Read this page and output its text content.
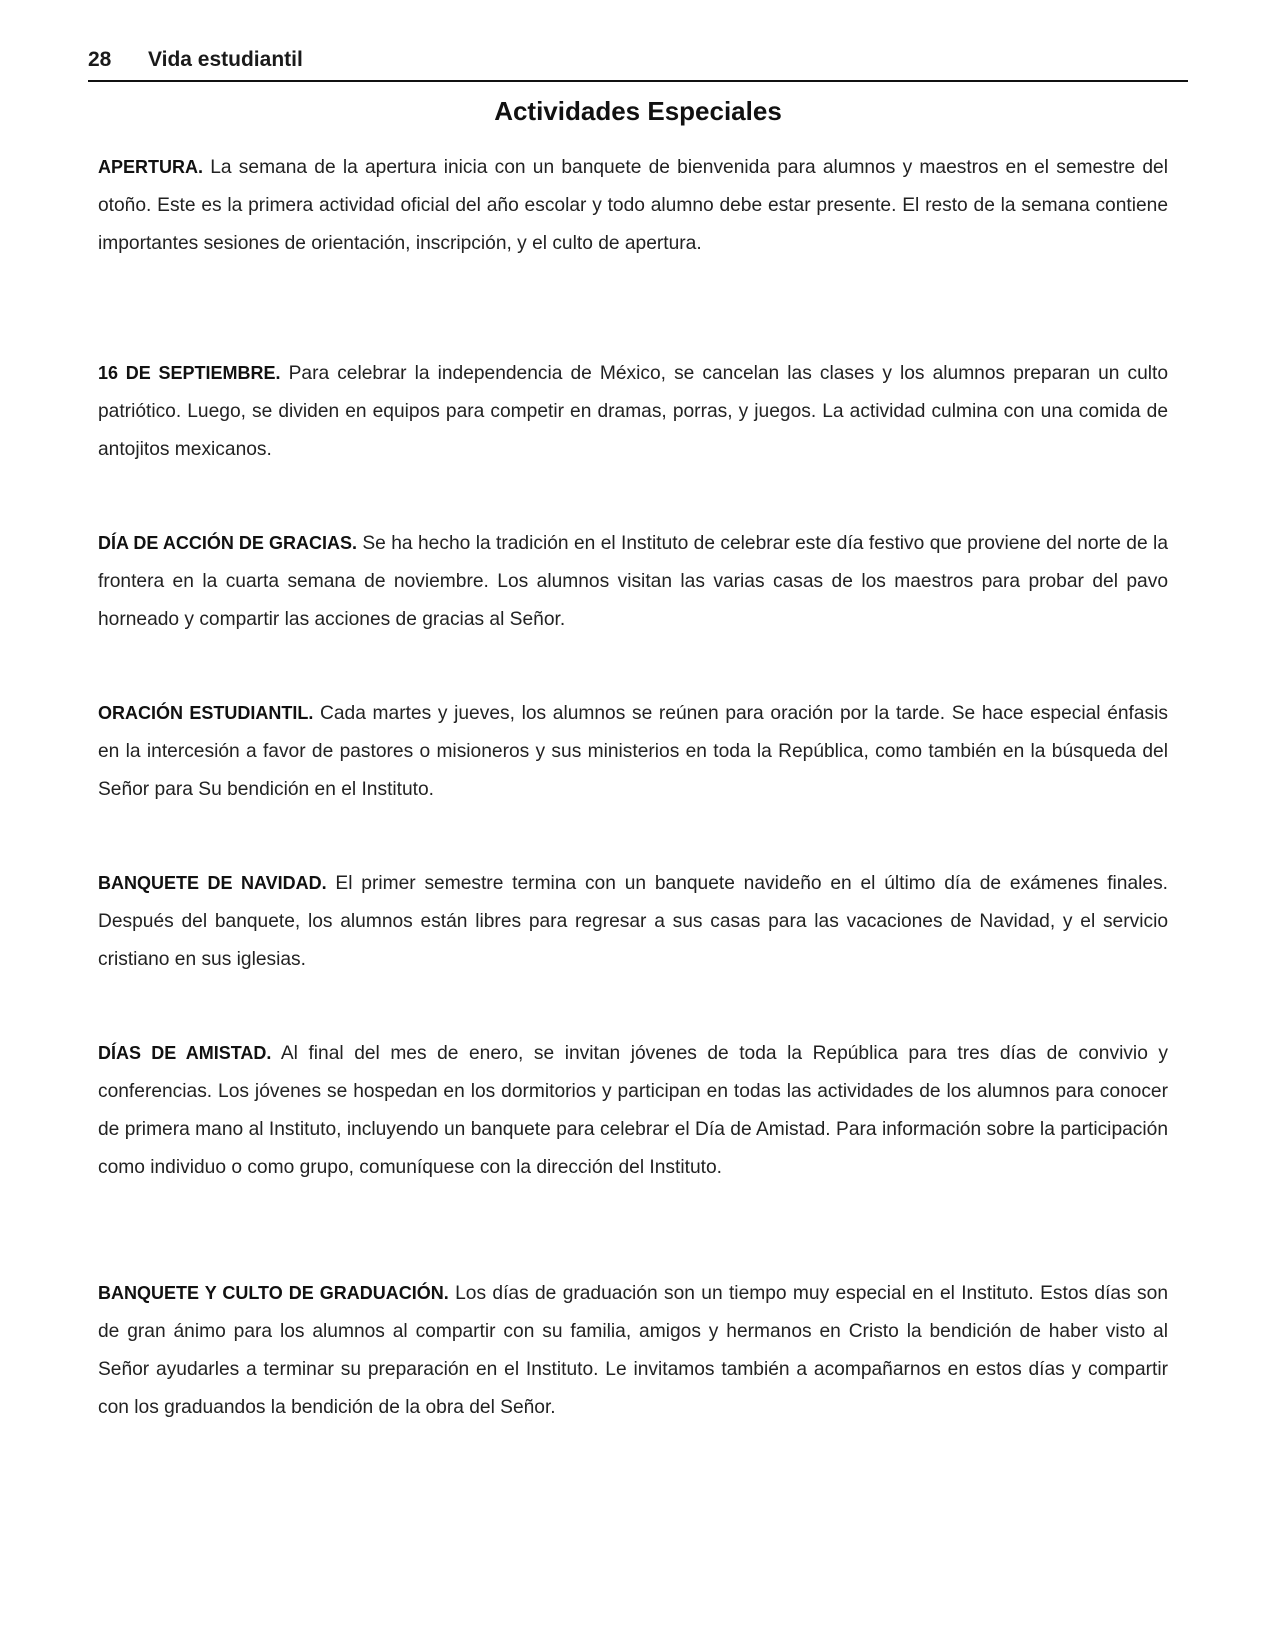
28 Vida estudiantil
Actividades Especiales

APERTURA. La semana de la apertura inicia con un banquete de bienvenida para alumnos y maestros en el semestre del otoño. Este es la primera actividad oficial del año escolar y todo alumno debe estar presente. El resto de la semana contiene importantes sesiones de orientación, inscripción, y el culto de apertura.

16 DE SEPTIEMBRE. Para celebrar la independencia de México, se cancelan las clases y los alumnos preparan un culto patriótico. Luego, se dividen en equipos para competir en dramas, porras, y juegos. La actividad culmina con una comida de antojitos mexicanos.

DÍA DE ACCIÓN DE GRACIAS. Se ha hecho la tradición en el Instituto de celebrar este día festivo que proviene del norte de la frontera en la cuarta semana de noviembre. Los alumnos visitan las varias casas de los maestros para probar del pavo horneado y compartir las acciones de gracias al Señor.

ORACIÓN ESTUDIANTIL. Cada martes y jueves, los alumnos se reúnen para oración por la tarde. Se hace especial énfasis en la intercesión a favor de pastores o misioneros y sus ministerios en toda la República, como también en la búsqueda del Señor para Su bendición en el Instituto.

BANQUETE DE NAVIDAD. El primer semestre termina con un banquete navideño en el último día de exámenes finales. Después del banquete, los alumnos están libres para regresar a sus casas para las vacaciones de Navidad, y el servicio cristiano en sus iglesias.

DÍAS DE AMISTAD. Al final del mes de enero, se invitan jóvenes de toda la República para tres días de convivio y conferencias. Los jóvenes se hospedan en los dormitorios y participan en todas las actividades de los alumnos para conocer de primera mano al Instituto, incluyendo un banquete para celebrar el Día de Amistad. Para información sobre la participación como individuo o como grupo, comuníquese con la dirección del Instituto.

BANQUETE Y CULTO DE GRADUACIÓN. Los días de graduación son un tiempo muy especial en el Instituto. Estos días son de gran ánimo para los alumnos al compartir con su familia, amigos y hermanos en Cristo la bendición de haber visto al Señor ayudarles a terminar su preparación en el Instituto. Le invitamos también a acompañarnos en estos días y compartir con los graduandos la bendición de la obra del Señor.
